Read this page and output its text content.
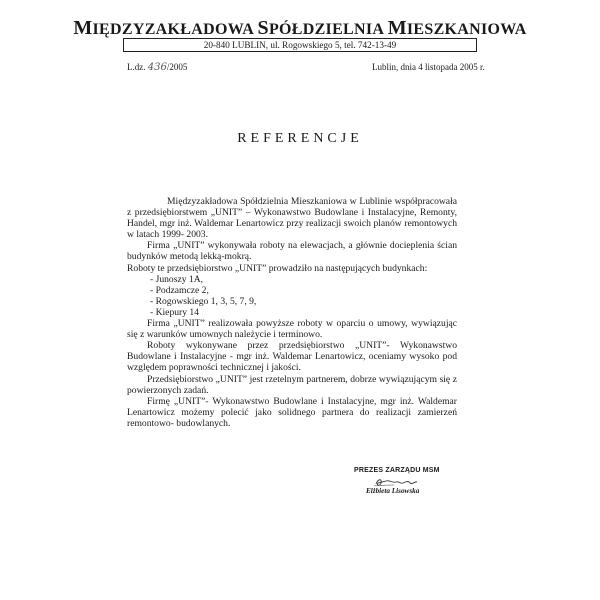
MIĘDZYZAKŁADOWA SPÓŁDZIELNIA MIESZKANIOWA
20-840 LUBLIN, ul. Rogowskiego 5, tel. 742-13-49
L.dz. 436/2005	Lublin, dnia 4 listopada 2005 r.
REFERENCJE

Międzyzakładowa Spółdzielnia Mieszkaniowa w Lublinie współpracowała z przedsiębiorstwem „UNIT” – Wykonawstwo Budowlane i Instalacyjne, Remonty, Handel, mgr inż. Waldemar Lenartowicz przy realizacji swoich planów remontowych w latach 1999- 2003.

Firma „UNIT” wykonywała roboty na elewacjach, a głównie docieplenia ścian budynków metodą lekką-mokrą.

Roboty te przedsiębiorstwo „UNIT” prowadziło na następujących budynkach:

- Junoszy 1A,
- Podzamcze 2,
- Rogowskiego 1, 3, 5, 7, 9,
- Kiepury 14

Firma „UNIT” realizowała powyższe roboty w oparciu o umowy, wywiązując się z warunków umownych należycie i terminowo.

Roboty wykonywane przez przedsiębiorstwo „UNIT”- Wykonawstwo Budowlane i Instalacyjne - mgr inż. Waldemar Lenartowicz, oceniamy wysoko pod względem poprawności technicznej i jakości.

Przedsiębiorstwo „UNIT” jest rzetelnym partnerem, dobrze wywiązującym się z powierzonych zadań.

Firmę „UNIT”- Wykonawstwo Budowlane i Instalacyjne, mgr inż. Waldemar Lenartowicz możemy polecić jako solidnego partnera do realizacji zamierzeń remontowo- budowlanych.

PREZES ZARZĄDU MSM
Elżbieta Lisowska
